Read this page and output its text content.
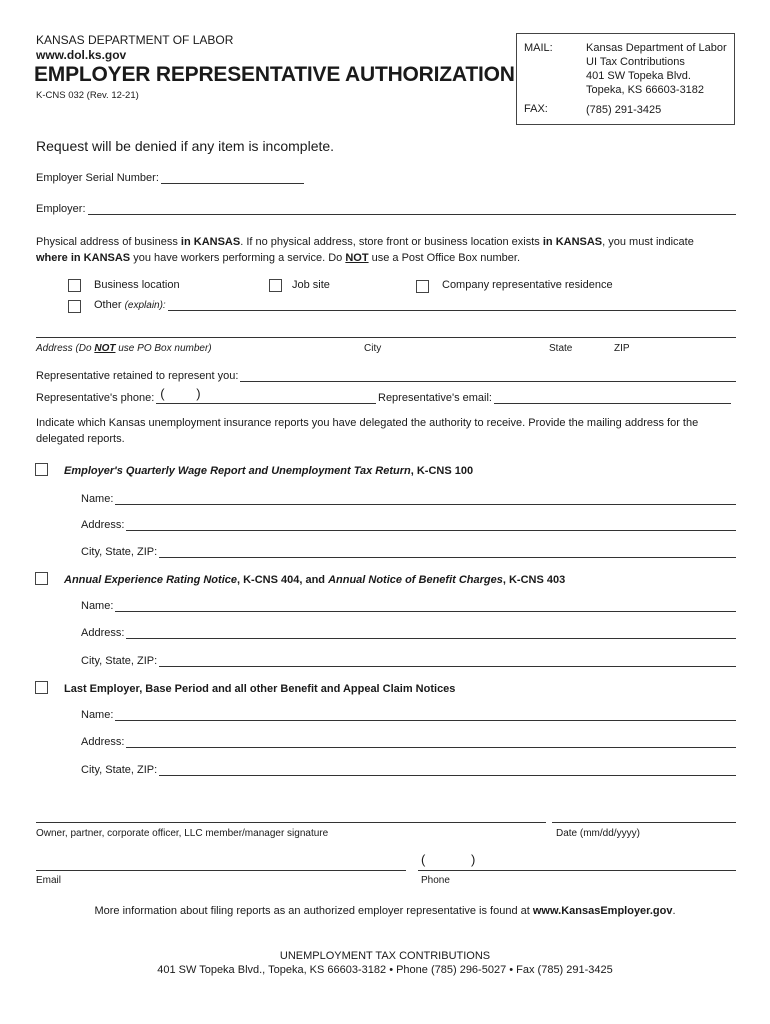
KANSAS DEPARTMENT OF LABOR
www.dol.ks.gov
EMPLOYER REPRESENTATIVE AUTHORIZATION
K-CNS 032 (Rev. 12-21)
MAIL:	Kansas Department of Labor
UI Tax Contributions
401 SW Topeka Blvd.
Topeka, KS 66603-3182
FAX:	(785) 291-3425
Request will be denied if any item is incomplete.
Employer Serial Number:
Employer:
Physical address of business in KANSAS. If no physical address, store front or business location exists in KANSAS, you must indicate
where in KANSAS you have workers performing a service. Do NOT use a Post Office Box number.
Business location	Job site	Company representative residence
Other
(explain):
Address (Do NOT use PO Box number)	City	State	ZIP
Representative retained to represent you:
Representative's phone: ( )	Representative's email:
Indicate which Kansas unemployment insurance reports you have delegated the authority to receive. Provide the mailing address for the delegated reports.
Employer's Quarterly Wage Report and Unemployment Tax Return, K-CNS 100
Name:
Address:
City, State, ZIP:
Annual Experience Rating Notice, K-CNS 404, and Annual Notice of Benefit Charges, K-CNS 403
Name:
Address:
City, State, ZIP:
Last Employer, Base Period and all other Benefit and Appeal Claim Notices
Name:
Address:
City, State, ZIP:
Owner, partner, corporate officer, LLC member/manager signature	Date (mm/dd/yyyy)
(	)
Email	Phone
More information about filing reports as an authorized employer representative is found at www.KansasEmployer.gov.
UNEMPLOYMENT TAX CONTRIBUTIONS
401 SW Topeka Blvd., Topeka, KS 66603-3182 • Phone (785) 296-5027 • Fax (785) 291-3425
